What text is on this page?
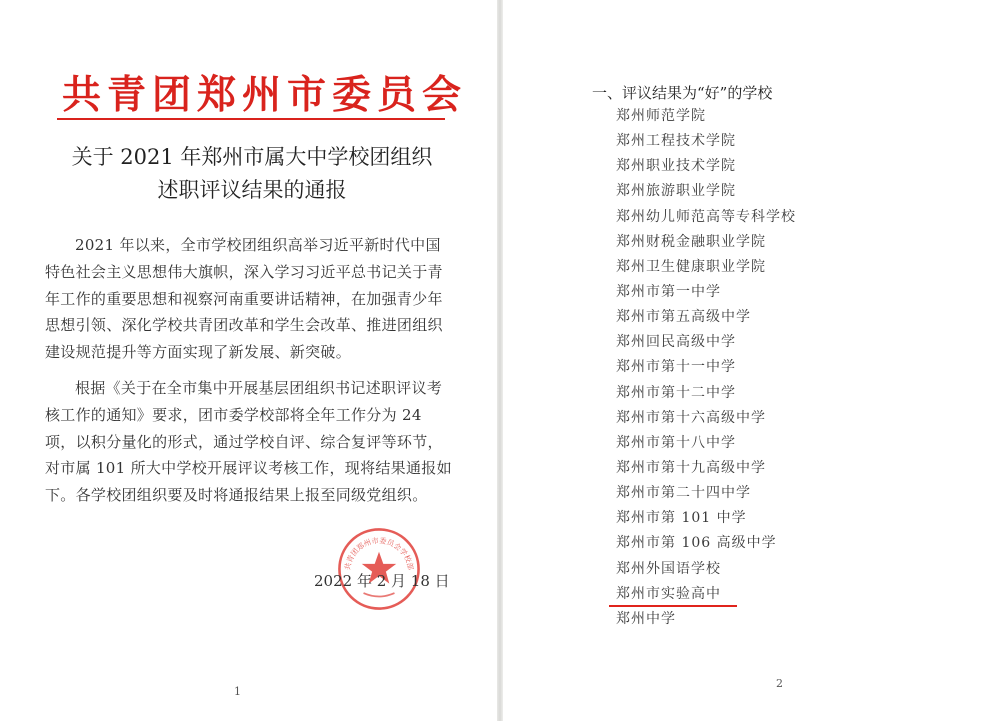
共青团郑州市委员会
关于 2021 年郑州市属大中学校团组织
述职评议结果的通报
2021 年以来，全市学校团组织高举习近平新时代中国特色社会主义思想伟大旗帜，深入学习习近平总书记关于青年工作的重要思想和视察河南重要讲话精神，在加强青少年思想引领、深化学校共青团改革和学生会改革、推进团组织建设规范提升等方面实现了新发展、新突破。
根据《关于在全市集中开展基层团组织书记述职评议考核工作的通知》要求，团市委学校部将全年工作分为 24 项，以积分量化的形式，通过学校自评、综合复评等环节，对市属 101 所大中学校开展评议考核工作，现将结果通报如下。各学校团组织要及时将通报结果上报至同级党组织。
共青团郑州市委员会学校部
2022 年 2 月 18 日
1
一、评议结果为“好”的学校
郑州师范学院
郑州工程技术学院
郑州职业技术学院
郑州旅游职业学院
郑州幼儿师范高等专科学校
郑州财税金融职业学院
郑州卫生健康职业学院
郑州市第一中学
郑州市第五高级中学
郑州回民高级中学
郑州市第十一中学
郑州市第十二中学
郑州市第十六高级中学
郑州市第十八中学
郑州市第十九高级中学
郑州市第二十四中学
郑州市第 101 中学
郑州市第 106 高级中学
郑州外国语学校
郑州市实验高中
郑州中学
2
